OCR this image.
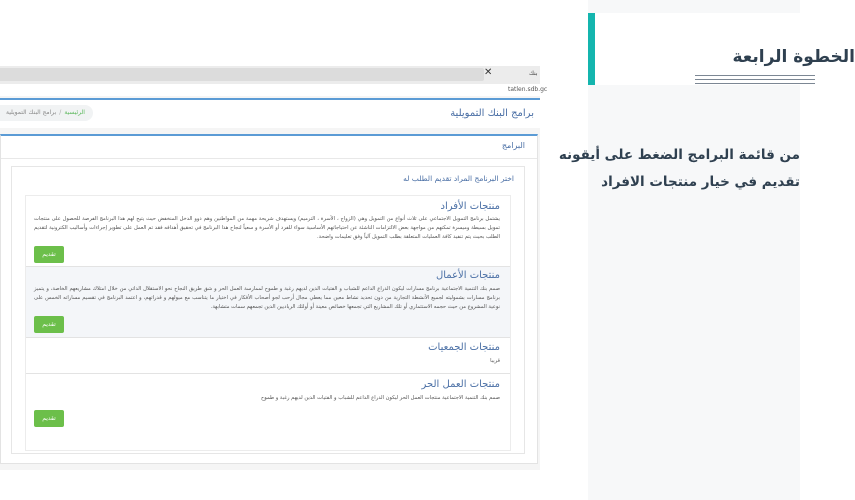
الخطوة الرابعة
من قائمة البرامج الضغط على أيقونه
تقديم في خيار منتجات الافراد
✕	بنك
tatlen.sdb.gc
برامج البنك التمويلية
الرئيسية/برامج البنك التمويلية
البرامج
اختر البرنامج المراد تقديم الطلب له
منتجات الأفراد
يشتمل برنامج التمويل الاجتماعي على ثلاث أنواع من التمويل وهي (الزواج ، الأسرة ، الترميم) ويستهدف شريحة مهمة من المواطنين وهم ذوو الدخل المنخفض حيث يتيح لهم هذا البرنامج الفرصة للحصول على منتجات تمويل بسيطة وميسرة تمكنهم من مواجهة بعض الالتزامات الناشئة عن احتياجاتهم الأساسية سواء للفرد أو الأسرة و سعياً لنجاح هذا البرنامج في تحقيق أهدافه فقد تم العمل على تطوير إجراءات وأساليب الكترونية لتقديم الطلب بحيث يتم تنفيذ كافة العمليات المتعلقة بطلب التمويل آلياً وفق تعليمات واضحة.
تقديم
منتجات الأعمال
صمم بنك التنمية الاجتماعية برنامج مسارات ليكون الذراع الداعم للشباب و الفتيات الذين لديهم رغبة و طموح لممارسة العمل الحر و شق طريق النجاح نحو الاستقلال الذاتي من خلال امتلاك مشاريعهم الخاصة، و يتميز برنامج مسارات بشموليته لجميع الأنشطة التجارية من دون تحديد نشاط معين مما يعطي مجال أرحب لجو أصحاب الأفكار في اختيار ما يتناسب مع ميولهم و قدراتهم، و اعتمد البرنامج في تقسيم مساراته الخمس على نوعية المشروع من حيث حجمه الاستثماري أو تلك المشاريع التي تجمعها خصائص معينة أو أولئك الرياديين الذين تجمعهم سمات متشابهة.
تقديم
منتجات الجمعيات
قريبا
منتجات العمل الحر
صمم بنك التنمية الاجتماعية منتجات العمل الحر ليكون الذراع الداعم للشباب و الفتيات الذين لديهم رغبة و طموح
تقديم
